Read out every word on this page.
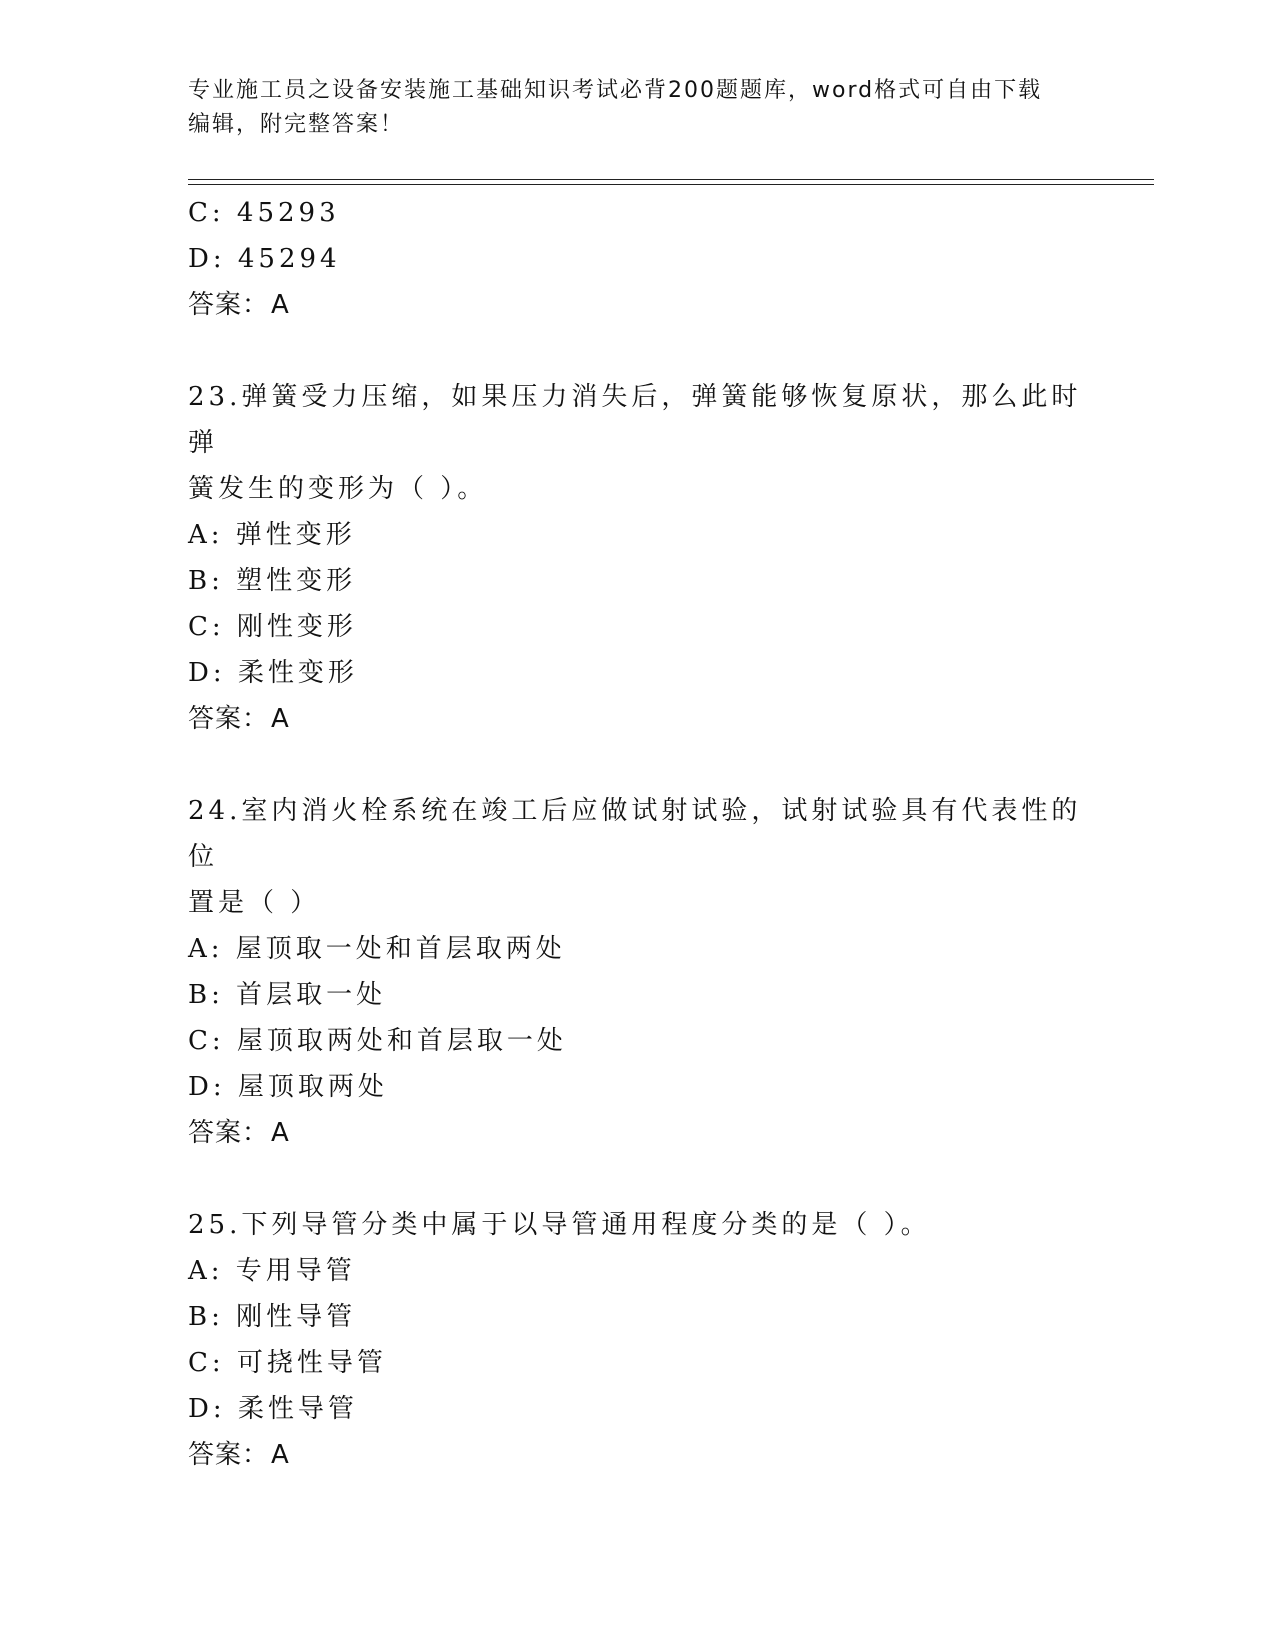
专业施工员之设备安装施工基础知识考试必背200题题库，word格式可自由下载
编辑，附完整答案！
C: 45293
D: 45294
答案：A
23.弹簧受力压缩，如果压力消失后，弹簧能够恢复原状，那么此时弹
簧发生的变形为（ ）。
A: 弹性变形
B: 塑性变形
C: 刚性变形
D: 柔性变形
答案：A
24.室内消火栓系统在竣工后应做试射试验，试射试验具有代表性的位
置是（ ）
A: 屋顶取一处和首层取两处
B: 首层取一处
C: 屋顶取两处和首层取一处
D: 屋顶取两处
答案：A
25.下列导管分类中属于以导管通用程度分类的是（ ）。
A: 专用导管
B: 刚性导管
C: 可挠性导管
D: 柔性导管
答案：A
